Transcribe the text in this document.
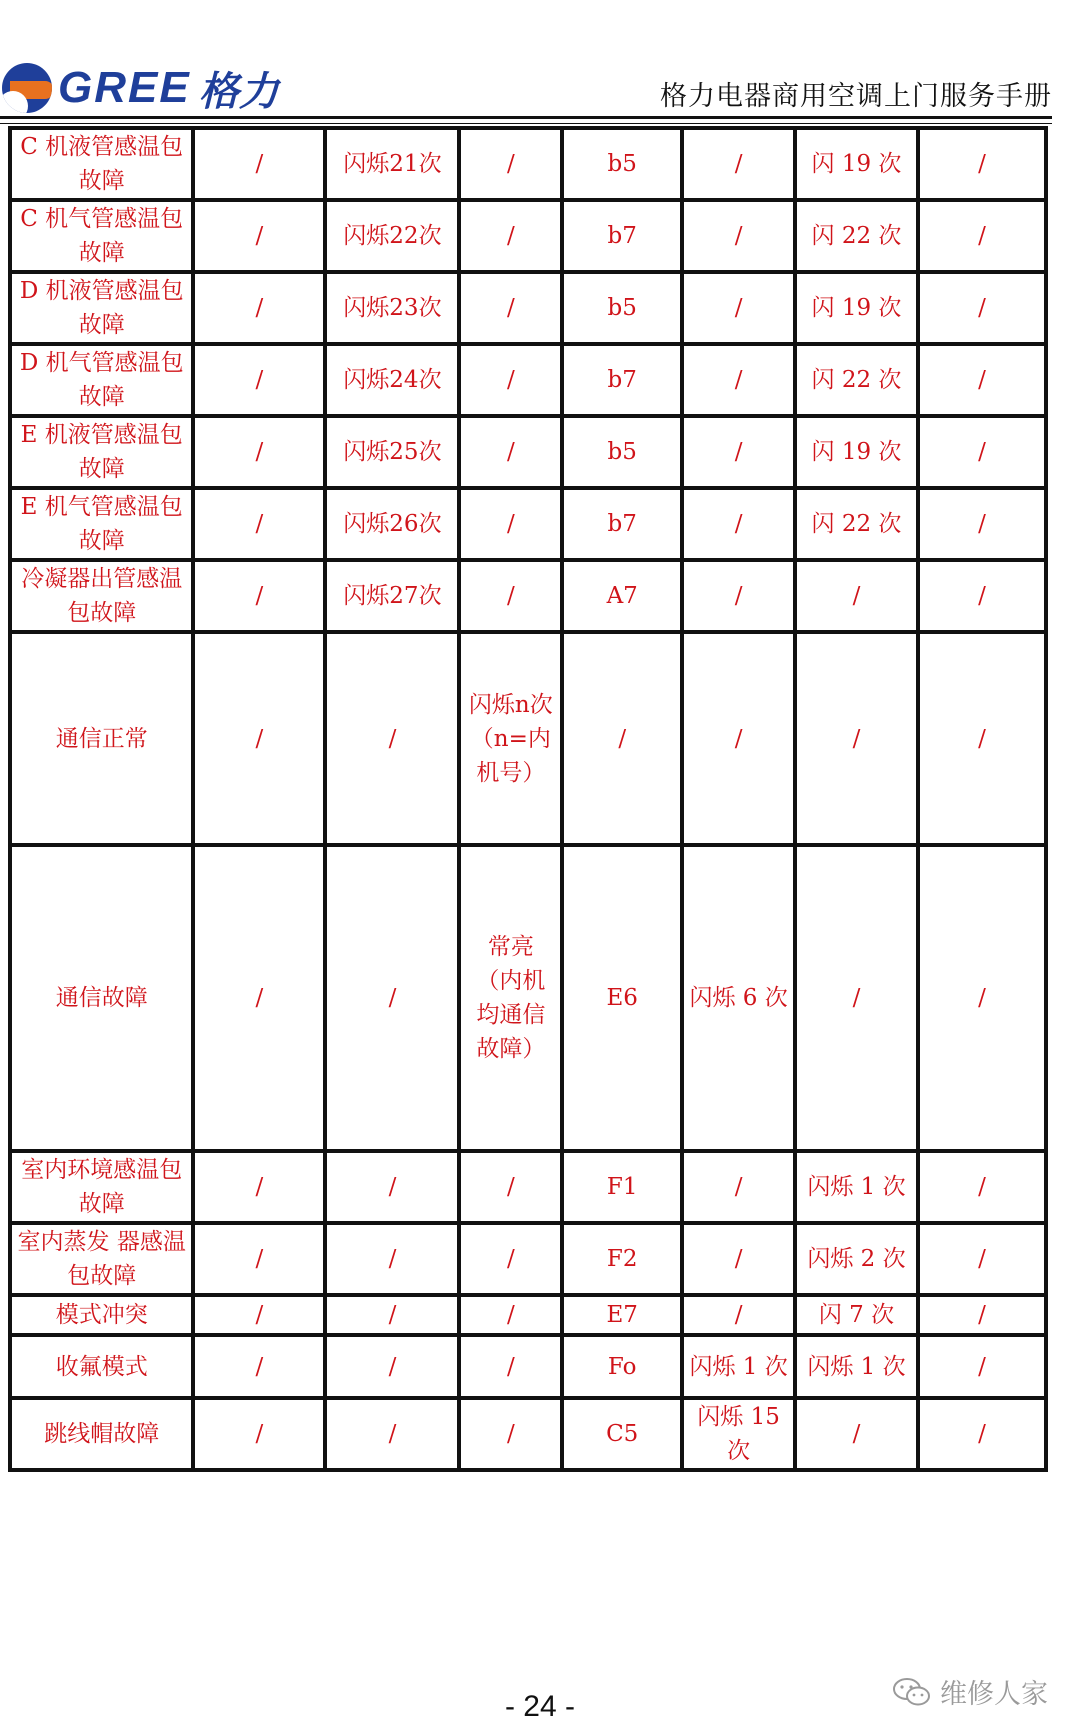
GREE 格力	格力电器商用空调上门服务手册
C 机液管感温包故障	/	闪烁21次	/	b5	/	闪 19 次	/
C 机气管感温包故障	/	闪烁22次	/	b7	/	闪 22 次	/
D 机液管感温包故障	/	闪烁23次	/	b5	/	闪 19 次	/
D 机气管感温包故障	/	闪烁24次	/	b7	/	闪 22 次	/
E 机液管感温包故障	/	闪烁25次	/	b5	/	闪 19 次	/
E 机气管感温包故障	/	闪烁26次	/	b7	/	闪 22 次	/
冷凝器出管感温包故障	/	闪烁27次	/	A7	/	/	/
通信正常	/	/	闪烁n次（n=内机号）	/	/	/	/
通信故障	/	/	常亮（内机均通信故障）	E6	闪烁 6 次	/	/
室内环境感温包故障	/	/	/	F1	/	闪烁 1 次	/
室内蒸发 器感温包故障	/	/	/	F2	/	闪烁 2 次	/
模式冲突	/	/	/	E7	/	闪 7 次	/
收氟模式	/	/	/	Fo	闪烁 1 次	闪烁 1 次	/
跳线帽故障	/	/	/	C5	闪烁 15 次	/	/
- 24 -	维修人家
